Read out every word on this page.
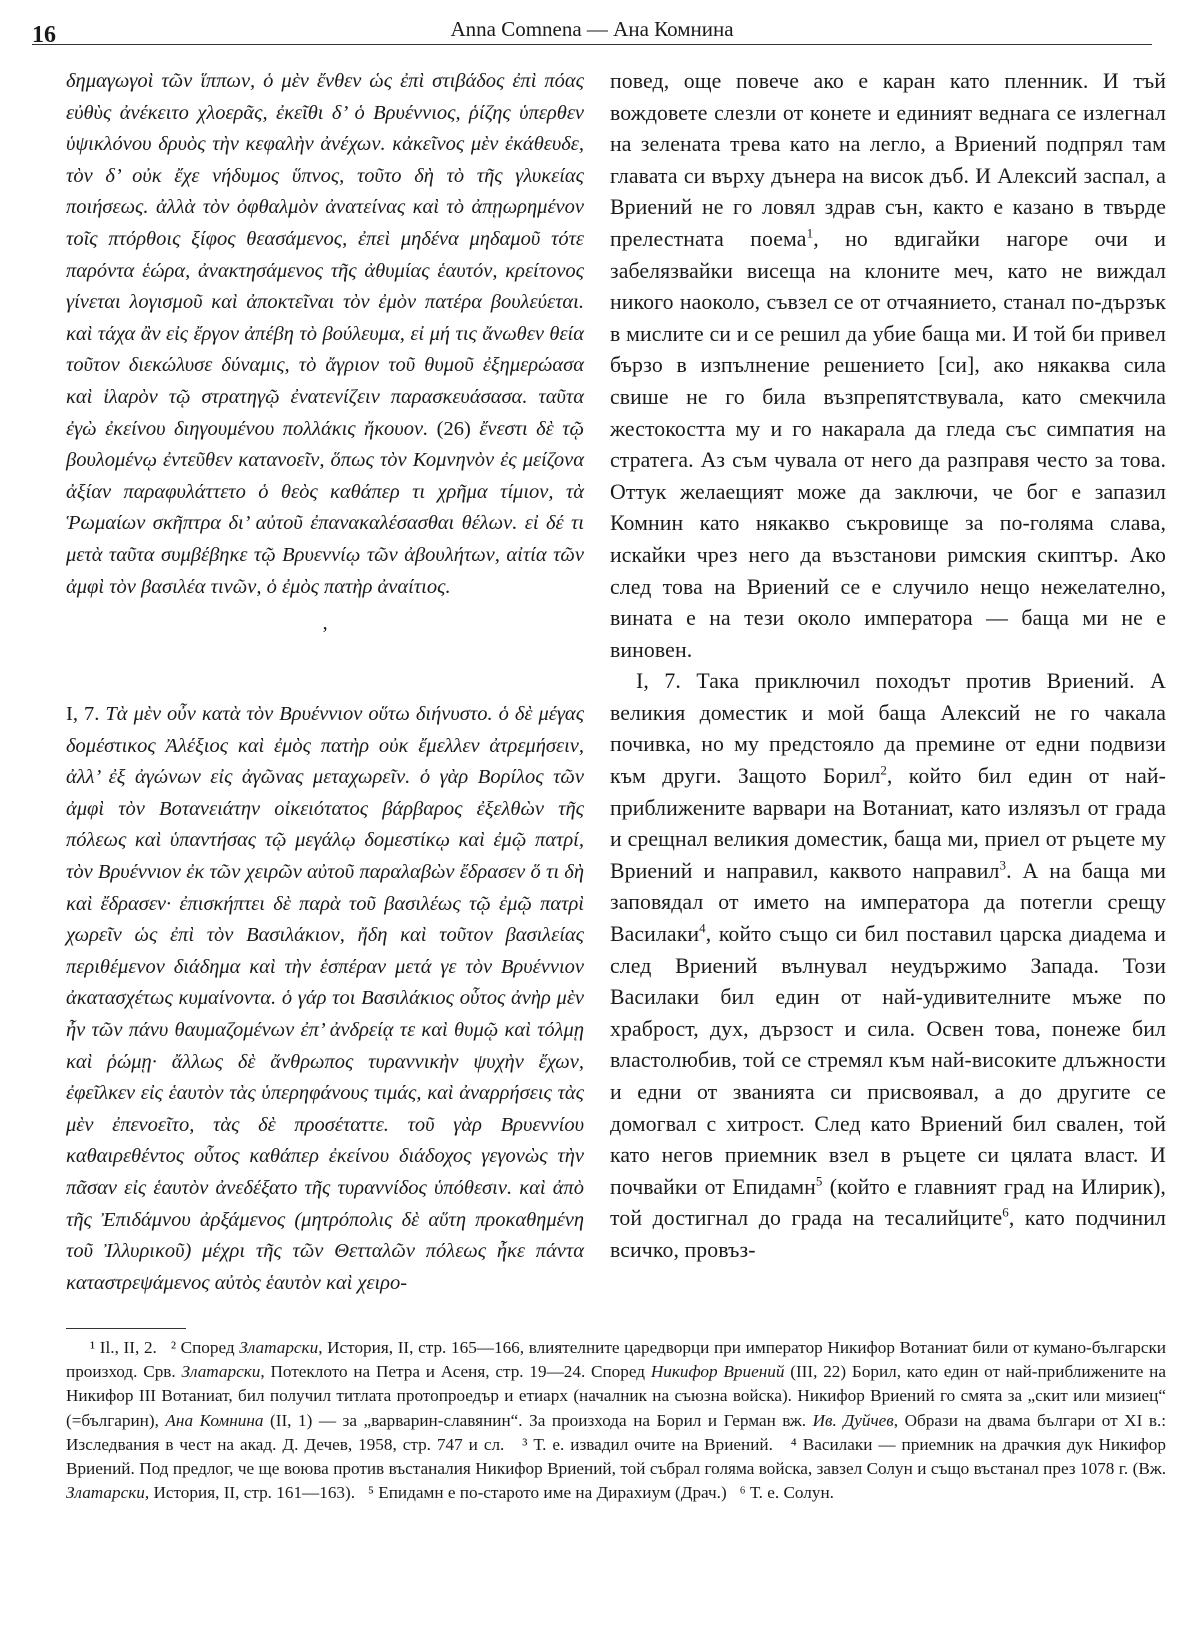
16	Anna Comnena — Ана Комнина

δημαγωγοὶ τῶν ἵππων, ὁ μὲν ἔνθεν ὡς ἐπὶ στιβάδος ἐπὶ πόας εὐθὺς ἀνέκειτο χλοερᾶς, ἐκεῖθι δ’ ὁ Βρυέννιος, ῥίζης ὑπερθεν ὑψικλόνου δρυὸς τὴν κεφαλὴν ἀνέχων. κἀκεῖνος μὲν ἐκάθευδε, τὸν δ’ οὐκ ἔχε νήδυμος ὕπνος, τοῦτο δὴ τὸ τῆς γλυκείας ποιήσεως. ἀλλὰ τὸν ὀφθαλμὸν ἀνατείνας καὶ τὸ ἀπῃωρημένον τοῖς πτόρθοις ξίφος θεασάμενος, ἐπεὶ μηδένα μηδαμοῦ τότε παρόντα ἑώρα, ἀνακτησάμενος τῆς ἀθυμίας ἑαυτόν, κρείτονος γίνεται λογισμοῦ καὶ ἀποκτεῖναι τὸν ἐμὸν πατέρα βουλεύεται. καὶ τάχα ἂν εἰς ἔργον ἀπέβη τὸ βούλευμα, εἰ μή τις ἄνωθεν θεία τοῦτον διεκώλυσε δύναμις, τὸ ἄγριον τοῦ θυμοῦ ἐξημερώασα καὶ ἱλαρὸν τῷ στρατηγῷ ἐνατενίζειν παρασκευάσασα. ταῦτα ἐγὼ ἐκείνου διηγουμένου πολλάκις ἤκουον. (26) ἔνεστι δὲ τῷ βουλομένῳ ἐντεῦθεν κατανοεῖν, ὅπως τὸν Κομνηνὸν ἐς μείζονα ἀξίαν παραφυλάττετο ὁ θεὸς καθάπερ τι χρῆμα τίμιον, τὰ Ῥωμαίων σκῆπτρα δι’ αὐτοῦ ἐπανακαλέσασθαι θέλων. εἰ δέ τι μετὰ ταῦτα συμβέβηκε τῷ Βρυεννίῳ τῶν ἀβουλήτων, αἰτία τῶν ἀμφὶ τὸν βασιλέα τινῶν, ὁ ἐμὸς πατὴρ ἀναίτιος.

‚

I, 7. Τὰ μὲν οὖν κατὰ τὸν Βρυέννιον οὕτω διήνυστο. ὁ δὲ μέγας δομέστικος Ἀλέξιος καὶ ἐμὸς πατὴρ οὐκ ἔμελλεν ἀτρεμήσειν, ἀλλ’ ἐξ ἀγώνων εἰς ἀγῶνας μεταχωρεῖν. ὁ γὰρ Βορίλος τῶν ἀμφὶ τὸν Βοτανειάτην οἰκειότατος βάρβαρος ἐξελθὼν τῆς πόλεως καὶ ὑπαντήσας τῷ μεγάλῳ δομεστίκῳ καὶ ἐμῷ πατρί, τὸν Βρυέννιον ἐκ τῶν χειρῶν αὐτοῦ παραλαβὼν ἔδρασεν ὅ τι δὴ καὶ ἔδρασεν· ἐπισκήπτει δὲ παρὰ τοῦ βασιλέως τῷ ἐμῷ πατρὶ χωρεῖν ὡς ἐπὶ τὸν Βασιλάκιον, ἤδη καὶ τοῦτον βασιλείας περιθέμενον διάδημα καὶ τὴν ἑσπέραν μετά γε τὸν Βρυέννιον ἀκατασχέτως κυμαίνοντα. ὁ γάρ τοι Βασιλάκιος οὗτος ἀνὴρ μὲν ἦν τῶν πάνυ θαυμαζομένων ἐπ’ ἀνδρείᾳ τε καὶ θυμῷ καὶ τόλμῃ καὶ ῥώμῃ· ἄλλως δὲ ἄνθρωπος τυραννικὴν ψυχὴν ἔχων, ἐφεῖλκεν εἰς ἑαυτὸν τὰς ὑπερηφάνους τιμάς, καὶ ἀναρρήσεις τὰς μὲν ἐπενοεῖτο, τὰς δὲ προσέταττε. τοῦ γὰρ Βρυεννίου καθαιρεθέντος οὗτος καθάπερ ἐκείνου διάδοχος γεγονὼς τὴν πᾶσαν εἰς ἑαυτὸν ἀνεδέξατο τῆς τυραννίδος ὑπόθεσιν. καὶ ἀπὸ τῆς Ἐπιδάμνου ἀρξάμενος (μητρόπολις δὲ αὕτη προκαθημένη τοῦ Ἰλλυρικοῦ) μέχρι τῆς τῶν Θετταλῶν πόλεως ἦκε πάντα καταστρεψάμενος αὐτὸς ἑαυτὸν καὶ χειρο-

повед, още повече ако е каран като пленник. И тъй вождовете слезли от конете и единият веднага се излегнал на зелената трева като на легло, а Вриений подпрял там главата си върху дънера на висок дъб. И Алексий заспал, а Вриений не го ловял здрав сън, както е казано в твърде прелестната поема$^1$, но вдигайки нагоре очи и забелязвайки висеща на клоните меч, като не виждал никого наоколо, съвзел се от отчаянието, станал по-дързък в мислите си и се решил да убие баща ми. И той би привел бързо в изпълнение решението [си], ако някаква сила свише не го била възпрепятствувала, като смекчила жестокостта му и го накарала да гледа със симпатия на стратега. Аз съм чувала от него да разправя често за това. Оттук желаещият може да заключи, че бог е запазил Комнин като някакво съкровище за по-голяма слава, искайки чрез него да възстанови римския скиптър. Ако след това на Вриений се е случило нещо нежелателно, вината е на тези около императора — баща ми не е виновен.

I, 7. Така приключил походът против Вриений. А великия доместик и мой баща Алексий не го чакала почивка, но му предстояло да премине от едни подвизи към други. Защото Борил$^2$, който бил един от най-приближените варвари на Вотаниат, като излязъл от града и срещнал великия доместик, баща ми, приел от ръцете му Вриений и направил, каквото направил$^3$. А на баща ми заповядал от името на императора да потегли срещу Василаки$^4$, който също си бил поставил царска диадема и след Вриений вълнувал неудържимо Запада. Този Василаки бил един от най-удивителните мъже по храброст, дух, дързост и сила. Освен това, понеже бил властолюбив, той се стремял към най-високите длъжности и едни от званията си присвоявал, а до другите се домогвал с хитрост. След като Вриений бил свален, той като негов приемник взел в ръцете си цялата власт. И почвайки от Епидамн$^5$ (който е главният град на Илирик), той достигнал до града на тесалийците$^6$, като подчинил всичко, провъз-

¹ Il., II, 2. ² Според Златарски, История, II, стр. 165—166, влиятелните царедворци при император Никифор Вотаниат били от кумано-български произход. Срв. Златарски, Потеклото на Петра и Асеня, стр. 19—24. Според Никифор Вриений (III, 22) Борил, като един от най-приближените на Никифор III Вотаниат, бил получил титлата протопроедър и етиарх (началник на съюзна войска). Никифор Вриений го смята за „скит или мизиец“ (=българин), Ана Комнина (II, 1) — за „варварин-славянин“. За произхода на Борил и Герман вж. Ив. Дуйчев, Образи на двама българи от XI в.: Изследвания в чест на акад. Д. Дечев, 1958, стр. 747 и сл. ³ Т. е. извадил очите на Вриений. ⁴ Василаки — приемник на драчкия дук Никифор Вриений. Под предлог, че ще воюва против въстаналия Никифор Вриений, той събрал голяма войска, завзел Солун и също въстанал през 1078 г. (Вж. Златарски, История, II, стр. 161—163). ⁵ Епидамн е по-старото име на Дирахиум (Драч.) ⁶ Т. е. Солун.
